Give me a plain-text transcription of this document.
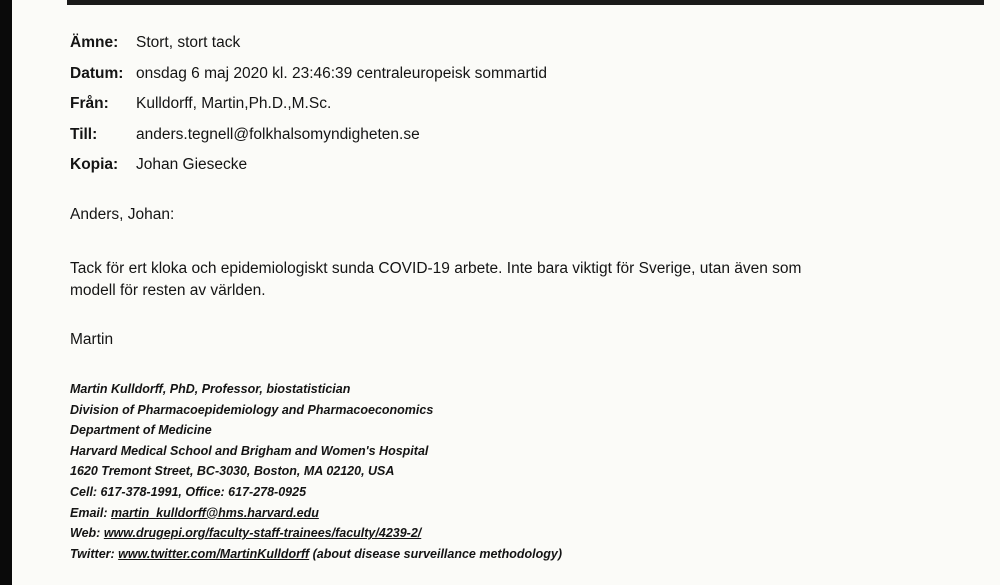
Ämne:	Stort, stort tack
Datum: onsdag 6 maj 2020 kl. 23:46:39 centraleuropeisk sommartid
Från:	Kulldorff, Martin,Ph.D.,M.Sc.
Till:	anders.tegnell@folkhalsomyndigheten.se
Kopia:	Johan Giesecke
Anders, Johan:
Tack för ert kloka och epidemiologiskt sunda COVID-19 arbete. Inte bara viktigt för Sverige, utan även som
modell för resten av världen.
Martin
Martin Kulldorff, PhD, Professor, biostatistician
Division of Pharmacoepidemiology and Pharmacoeconomics
Department of Medicine
Harvard Medical School and Brigham and Women's Hospital
1620 Tremont Street, BC-3030, Boston, MA 02120, USA
Cell: 617-378-1991, Office: 617-278-0925
Email: martin_kulldorff@hms.harvard.edu
Web: www.drugepi.org/faculty-staff-trainees/faculty/4239-2/
Twitter: www.twitter.com/MartinKulldorff (about disease surveillance methodology)
